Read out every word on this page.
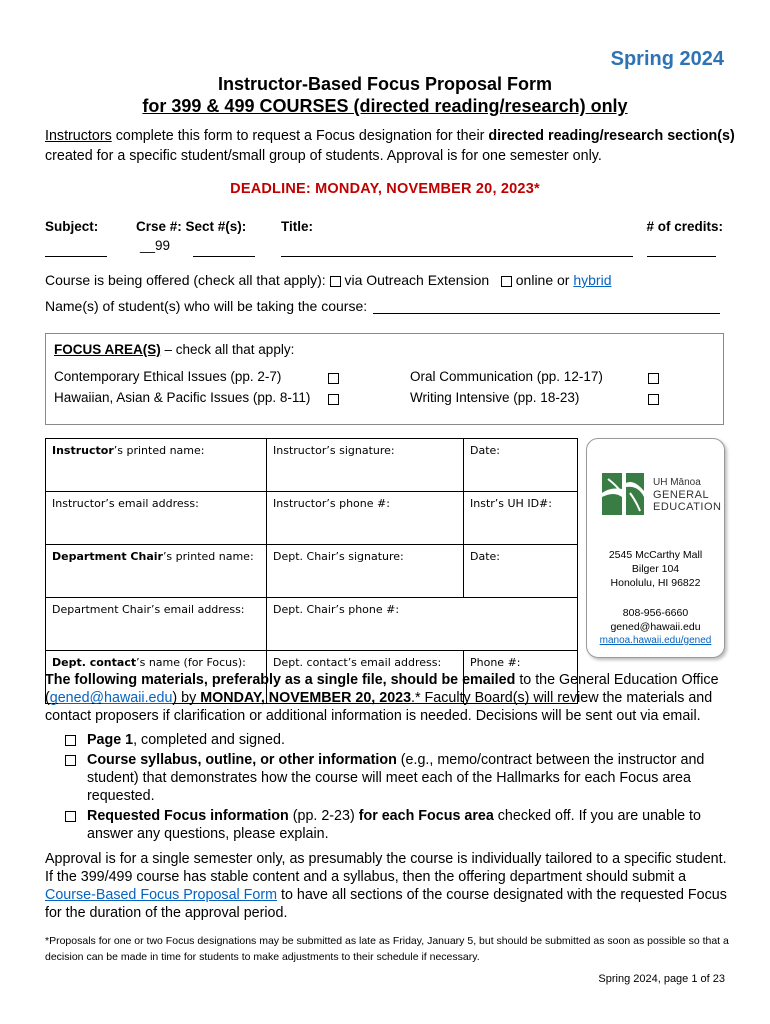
Spring 2024
Instructor-Based Focus Proposal Form
for 399 & 499 COURSES (directed reading/research) only
Instructors complete this form to request a Focus designation for their directed reading/research section(s) created for a specific student/small group of students. Approval is for one semester only.
DEADLINE: MONDAY, NOVEMBER 20, 2023*
Subject:	Crse #: Sect #(s):
__99
Title:	# of credits:
Course is being offered (check all that apply):  via Outreach Extension online or hybrid
Name(s) of student(s) who will be taking the course:
FOCUS AREA(S) – check all that apply:
Contemporary Ethical Issues (pp. 2-7)
Hawaiian, Asian & Pacific Issues (pp. 8-11)
Oral Communication (pp. 12-17)
Writing Intensive (pp. 18-23)
Instructor’s printed name:	Instructor’s signature:	Date:
Instructor’s email address:	Instructor’s phone #:	Instr’s UH ID#:
Department Chair’s printed name:	Dept. Chair’s signature:	Date:
Department Chair’s email address:	Dept. Chair’s phone #:	
Dept. contact’s name (for Focus):	Dept. contact’s email address:	Phone #:
UH Mānoa
GENERAL
EDUCATION
2545 McCarthy Mall
Bilger 104
Honolulu, HI 96822
808-956-6660
gened@hawaii.edu
manoa.hawaii.edu/gened
The following materials, preferably as a single file, should be emailed to the General Education Office (gened@hawaii.edu) by MONDAY, NOVEMBER 20, 2023.* Faculty Board(s) will review the materials and contact proposers if clarification or additional information is needed. Decisions will be sent out via email.
Page 1, completed and signed.
Course syllabus, outline, or other information (e.g., memo/contract between the instructor and student) that demonstrates how the course will meet each of the Hallmarks for each Focus area requested.
Requested Focus information (pp. 2-23) for each Focus area checked off. If you are unable to answer any questions, please explain.
Approval is for a single semester only, as presumably the course is individually tailored to a specific student. If the 399/499 course has stable content and a syllabus, then the offering department should submit a Course-Based Focus Proposal Form to have all sections of the course designated with the requested Focus for the duration of the approval period.
*Proposals for one or two Focus designations may be submitted as late as Friday, January 5, but should be submitted as soon as possible so that a decision can be made in time for students to make adjustments to their schedule if necessary.
Spring 2024, page 1 of 23
